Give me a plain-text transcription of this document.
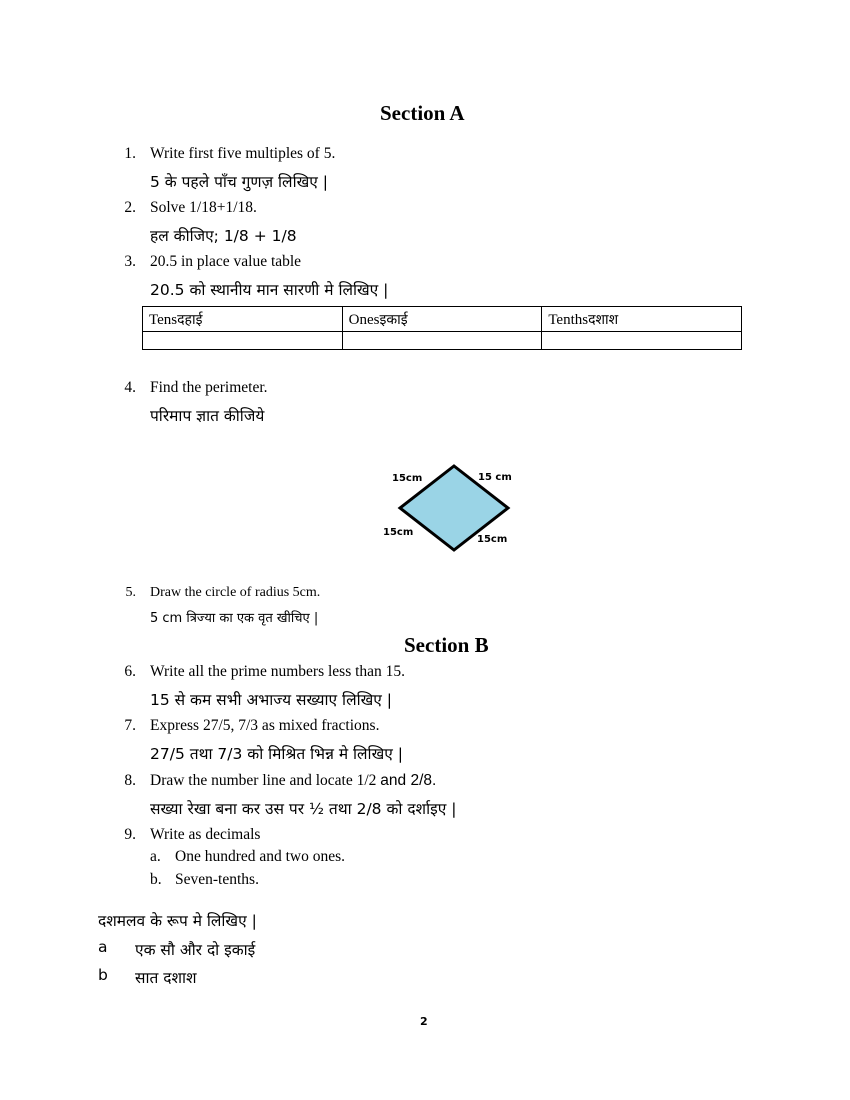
Section A
1. Write first five multiples of 5.
5 के पहले पाँच गुणज़ लिखिए |
2. Solve 1/18+1/18.
हल कीजिए; 1/8 + 1/8
3. 20.5 in place value table
20.5 को स्थानीय मान सारणी मे लिखिए |
Tensदहाई	Onesइकाई	Tenthsदशाश

4. Find the perimeter.
परिमाप ज्ञात कीजिये
15cm	15 cm
15cm
15cm
5. Draw the circle of radius 5cm.
5 cm त्रिज्या का एक वृत खीचिए |
Section B
6. Write all the prime numbers less than 15.
15 से कम सभी अभाज्य सख्याए लिखिए |
7. Express 27/5, 7/3 as mixed fractions.
27/5 तथा 7/3 को मिश्रित भिन्न मे लिखिए |
8. Draw the number line and locate 1/2 and 2/8.
सख्या रेखा बना कर उस पर ½ तथा 2/8 को दर्शाइए |
9. Write as decimals
a. One hundred and two ones.
b. Seven-tenths.
दशमलव के रूप मे लिखिए |
a एक सौ और दो इकाई
b सात दशाश
2
